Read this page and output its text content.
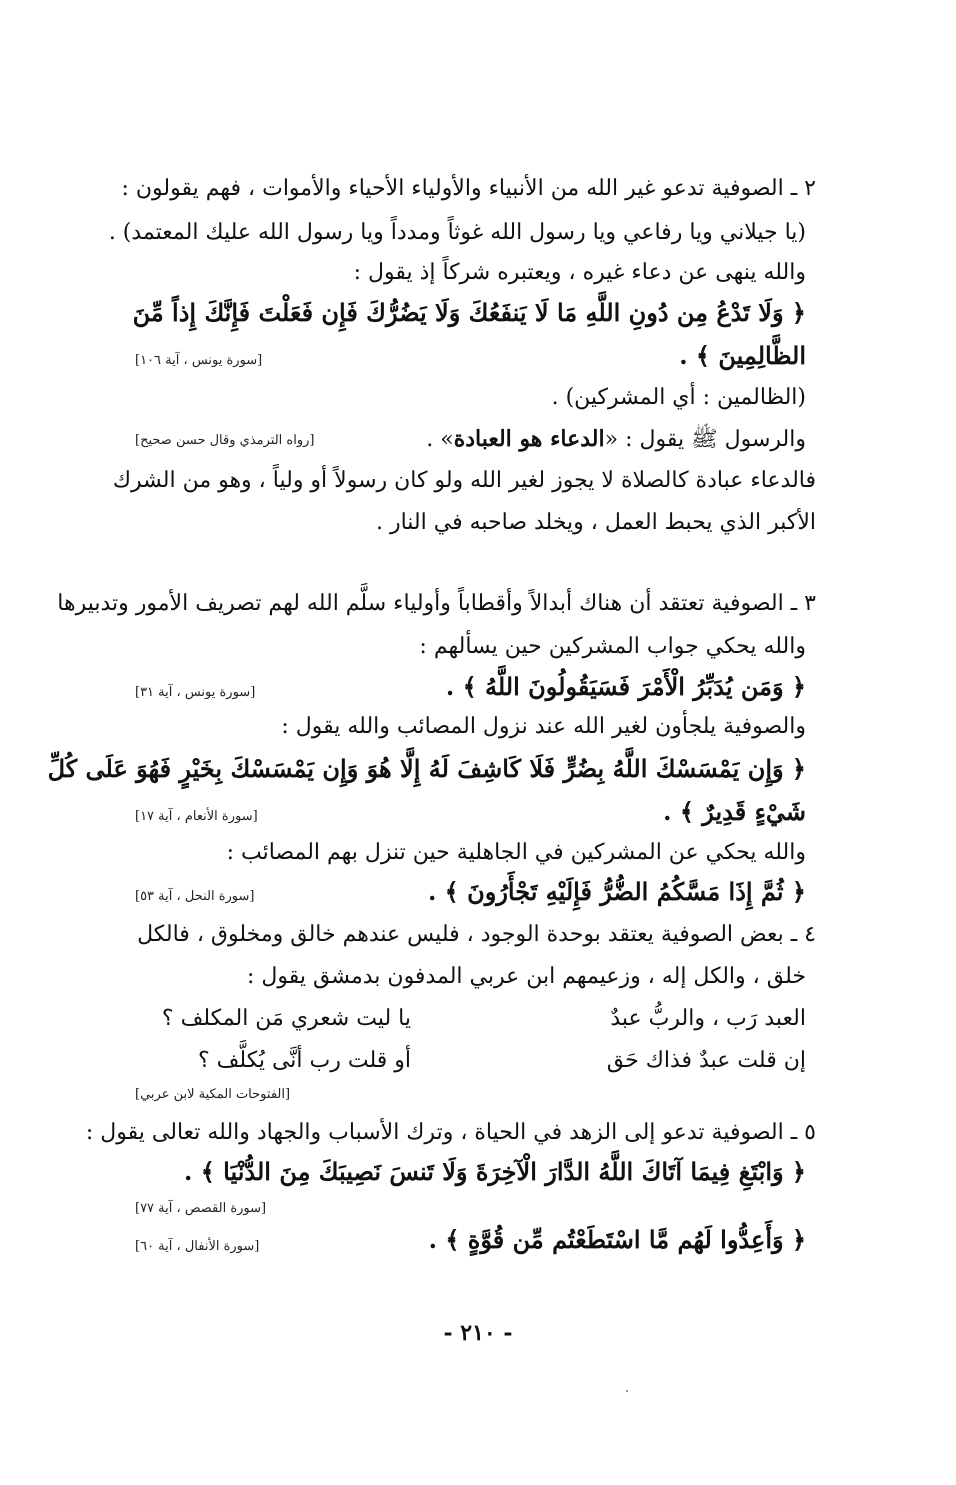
٢ ـ الصوفية تدعو غير الله من الأنبياء والأولياء الأحياء والأموات ، فهم يقولون :
(يا جيلاني ويا رفاعي ويا رسول الله غوثاً ومدداً ويا رسول الله عليك المعتمد) .
والله ينهى عن دعاء غيره ، ويعتبره شركاً إذ يقول :
﴿ وَلَا تَدْعُ مِن دُونِ اللَّهِ مَا لَا يَنفَعُكَ وَلَا يَضُرُّكَ فَإِن فَعَلْتَ فَإِنَّكَ إِذاً مِّنَ
الظَّالِمِينَ ﴾ .
[سورة يونس ، آية ١٠٦]
(الظالمين : أي المشركين) .
والرسول ﷺ يقول : «الدعاء هو العبادة» .
[رواه الترمذي وقال حسن صحيح]
فالدعاء عبادة كالصلاة لا يجوز لغير الله ولو كان رسولاً أو ولياً ، وهو من الشرك
الأكبر الذي يحبط العمل ، ويخلد صاحبه في النار .
٣ ـ الصوفية تعتقد أن هناك أبدالاً وأقطاباً وأولياء سلَّم الله لهم تصريف الأمور وتدبيرها
والله يحكي جواب المشركين حين يسألهم :
﴿ وَمَن يُدَبِّرُ الْأَمْرَ فَسَيَقُولُونَ اللَّهُ ﴾ .
[سورة يونس ، آية ٣١]
والصوفية يلجأون لغير الله عند نزول المصائب والله يقول :
﴿ وَإِن يَمْسَسْكَ اللَّهُ بِضُرٍّ فَلَا كَاشِفَ لَهُ إِلَّا هُوَ وَإِن يَمْسَسْكَ بِخَيْرٍ فَهُوَ عَلَى كُلِّ
شَيْءٍ قَدِيرٌ ﴾ .
[سورة الأنعام ، آية ١٧]
والله يحكي عن المشركين في الجاهلية حين تنزل بهم المصائب :
﴿ ثُمَّ إِذَا مَسَّكُمُ الضُّرُّ فَإِلَيْهِ تَجْأَرُونَ ﴾ .
[سورة النحل ، آية ٥٣]
٤ ـ بعض الصوفية يعتقد بوحدة الوجود ، فليس عندهم خالق ومخلوق ، فالكل
خلق ، والكل إله ، وزعيمهم ابن عربي المدفون بدمشق يقول :
العبد رَب ، والربُّ عبدٌ
يا ليت شعري مَن المكلف ؟
إن قلت عبدٌ فذاك حَق
أو قلت رب أنَّى يُكلَّف ؟
[الفتوحات المكية لابن عربي]
٥ ـ الصوفية تدعو إلى الزهد في الحياة ، وترك الأسباب والجهاد والله تعالى يقول :
﴿ وَابْتَغِ فِيمَا آتَاكَ اللَّهُ الدَّارَ الْآخِرَةَ وَلَا تَنسَ نَصِيبَكَ مِنَ الدُّنْيَا ﴾ .
[سورة القصص ، آية ٧٧]
﴿ وَأَعِدُّوا لَهُم مَّا اسْتَطَعْتُم مِّن قُوَّةٍ ﴾ .
[سورة الأنفال ، آية ٦٠]
- ٢١٠ -
